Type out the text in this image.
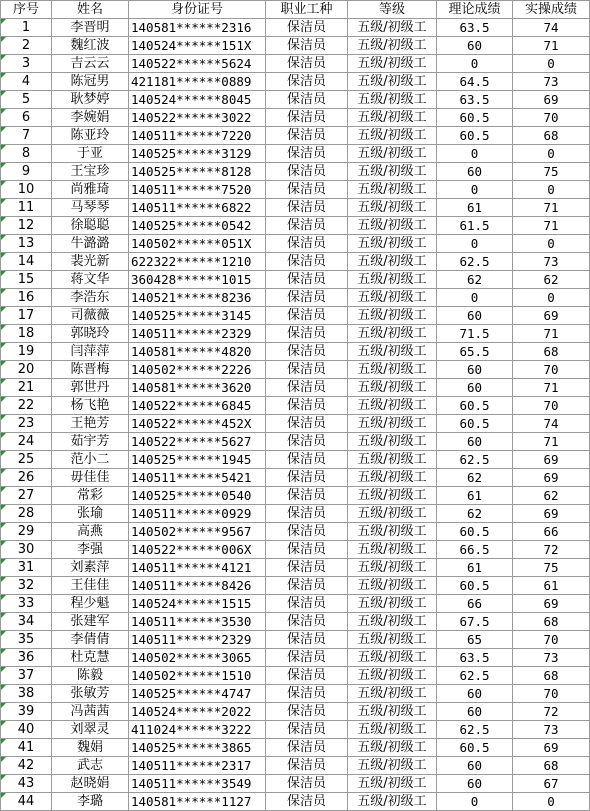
序号	姓名	身份证号	职业工种	等级	理论成绩	实操成绩

1	李晋明	140581******2316	保洁员	五级/初级工	63.5	74

2	魏红波	140524******151X	保洁员	五级/初级工	60	71

3	吉云云	140522******5624	保洁员	五级/初级工	0	0

4	陈冠男	421181******0889	保洁员	五级/初级工	64.5	73

5	耿梦婷	140524******8045	保洁员	五级/初级工	63.5	69

6	李婉娟	140522******3022	保洁员	五级/初级工	60.5	70

7	陈亚玲	140511******7220	保洁员	五级/初级工	60.5	68

8	于亚	140525******3129	保洁员	五级/初级工	0	0

9	王宝珍	140525******8128	保洁员	五级/初级工	60	75

10	尚雅琦	140511******7520	保洁员	五级/初级工	0	0

11	马琴琴	140511******6822	保洁员	五级/初级工	61	71

12	徐聪聪	140525******0542	保洁员	五级/初级工	61.5	71

13	牛潞潞	140502******051X	保洁员	五级/初级工	0	0

14	裴光新	622322******1210	保洁员	五级/初级工	62.5	73

15	蒋文华	360428******1015	保洁员	五级/初级工	62	62

16	李浩东	140521******8236	保洁员	五级/初级工	0	0

17	司薇薇	140525******3145	保洁员	五级/初级工	60	69

18	郭晓玲	140511******2329	保洁员	五级/初级工	71.5	71

19	闫萍萍	140581******4820	保洁员	五级/初级工	65.5	68

20	陈晋梅	140502******2226	保洁员	五级/初级工	60	70

21	郭世丹	140581******3620	保洁员	五级/初级工	60	71

22	杨飞艳	140522******6845	保洁员	五级/初级工	60.5	70

23	王艳芳	140522******452X	保洁员	五级/初级工	60.5	74

24	茹宇芳	140522******5627	保洁员	五级/初级工	60	71

25	范小二	140525******1945	保洁员	五级/初级工	62.5	69

26	毋佳佳	140511******5421	保洁员	五级/初级工	62	69

27	常彩	140525******0540	保洁员	五级/初级工	61	62

28	张瑜	140511******0929	保洁员	五级/初级工	62	69

29	高燕	140502******9567	保洁员	五级/初级工	60.5	66

30	李强	140522******006X	保洁员	五级/初级工	66.5	72

31	刘素萍	140511******4121	保洁员	五级/初级工	61	75

32	王佳佳	140511******8426	保洁员	五级/初级工	60.5	61

33	程少魁	140524******1515	保洁员	五级/初级工	66	69

34	张建军	140511******3530	保洁员	五级/初级工	67.5	68

35	李倩倩	140511******2329	保洁员	五级/初级工	65	70

36	杜克慧	140502******3065	保洁员	五级/初级工	63.5	73

37	陈毅	140502******1510	保洁员	五级/初级工	62.5	68

38	张敏芳	140525******4747	保洁员	五级/初级工	60	70

39	冯茜茜	140524******2022	保洁员	五级/初级工	60	72

40	刘翠灵	411024******3222	保洁员	五级/初级工	62.5	73

41	魏娟	140525******3865	保洁员	五级/初级工	60.5	69

42	武志	140511******2317	保洁员	五级/初级工	60	68

43	赵晓娟	140511******3549	保洁员	五级/初级工	60	67

44	李璐	140581******1127	保洁员	五级/初级工	0	0
